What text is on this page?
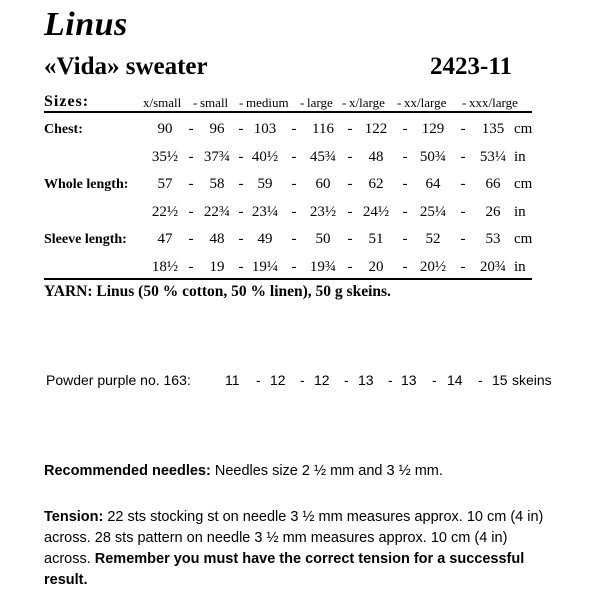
Linus
«Vida» sweater	2423-11
Sizes:	x/small - small - medium - large - x/large - xx/large - xxx/large
Chest:	90	-	96 - 103	-	116 - 122	- 129	-	135 cm
35½ - 37¾ - 40½ - 45¾ -	48	- 50¾ - 53¼ in
Whole length:	57	-	58 - 59	-	60	-	62	-	64	-	66 cm
22½ - 22¾ - 23¼ - 23½ - 24½ - 25¼ -	26 in
Sleeve length:	47	-	48 - 49	-	50	-	51	-	52	-	53 cm
18½ -	19 - 19¼ - 19¾ -	20	- 20½ - 20¾ in
YARN: Linus (50 % cotton, 50 % linen), 50 g skeins.
Powder purple no. 163: 11 - 12 - 12 - 13 - 13 - 14 - 15 skeins
Recommended needles: Needles size 2 ½ mm and 3 ½ mm.
Tension: 22 sts stocking st on needle 3 ½ mm measures approx. 10 cm (4 in) across. 28 sts pattern on needle 3 ½ mm measures approx. 10 cm (4 in) across. Remember you must have the correct tension for a successful result.
